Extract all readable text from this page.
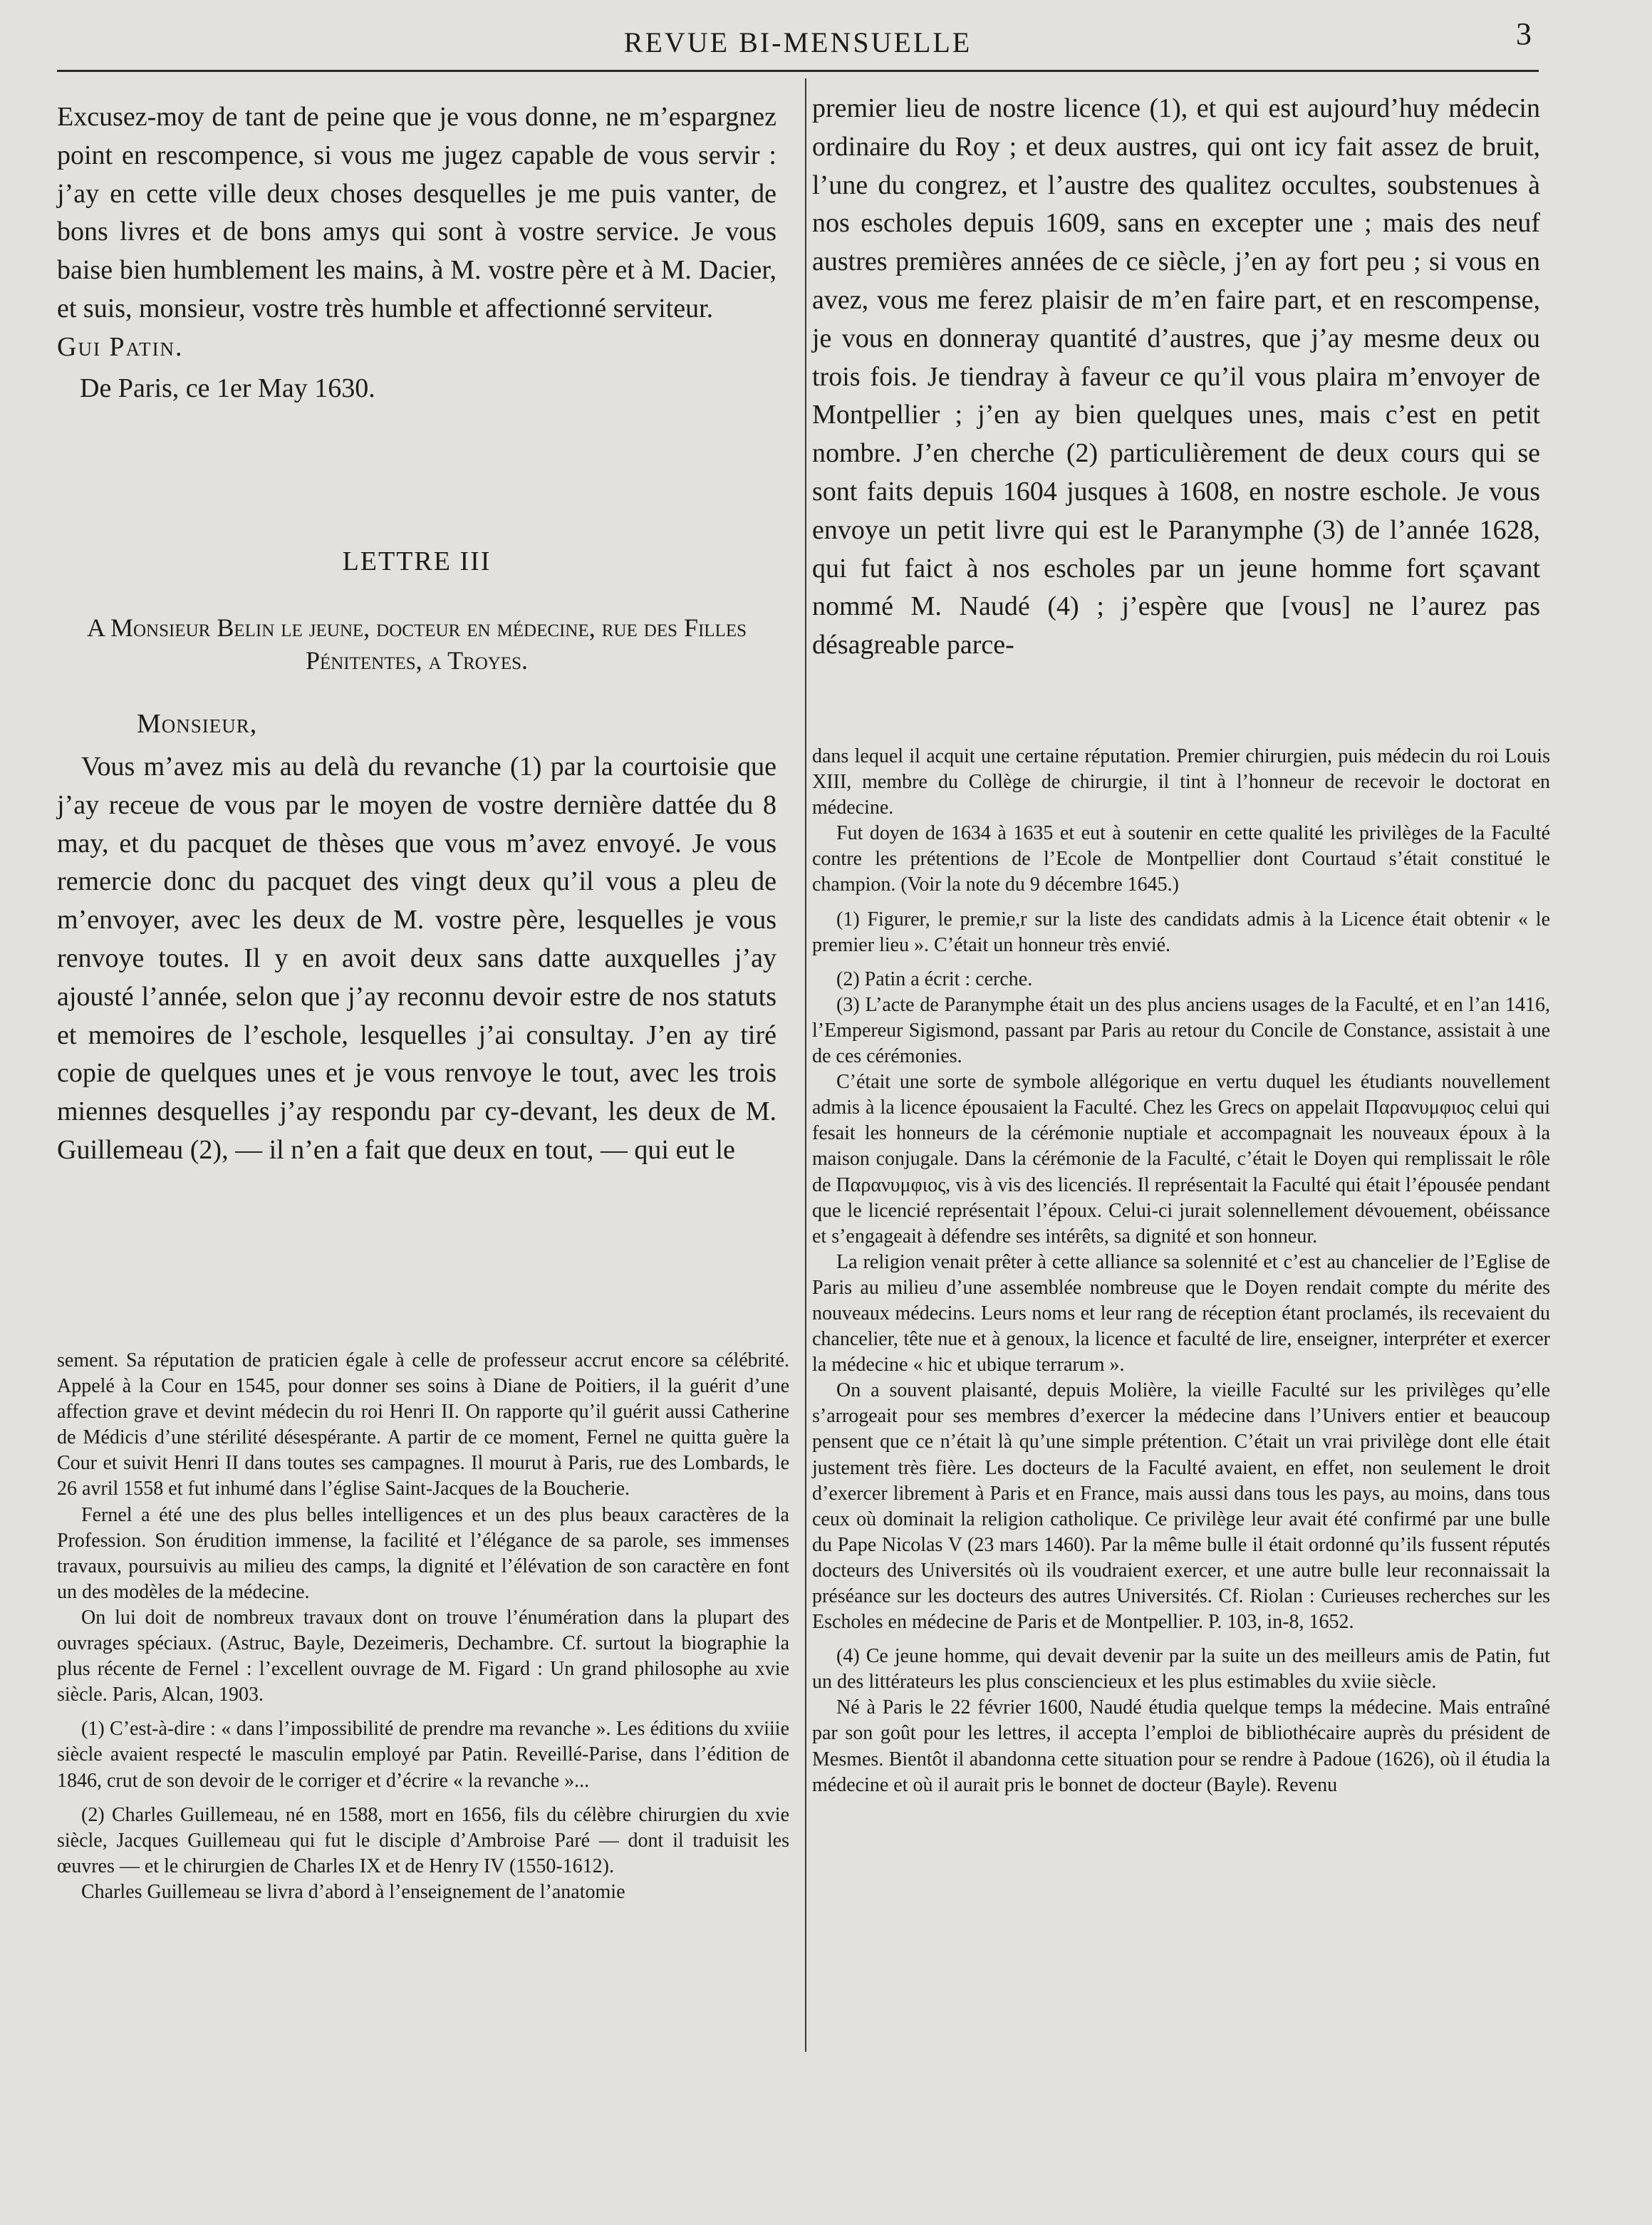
REVUE BI-MENSUELLE	3

Excusez-moy de tant de peine que je vous donne, ne m’espargnez point en rescompence, si vous me jugez capable de vous servir : j’ay en cette ville deux choses desquelles je me puis vanter, de bons livres et de bons amys qui sont à vostre service. Je vous baise bien humblement les mains, à M. vostre père et à M. Dacier, et suis, monsieur, vostre très humble et affectionné serviteur.

Gui Patin.

De Paris, ce 1er May 1630.

LETTRE III

A Monsieur Belin le jeune, docteur en médecine, rue des Filles Pénitentes, a Troyes.

Monsieur,

Vous m’avez mis au delà du revanche (1) par la courtoisie que j’ay receue de vous par le moyen de vostre dernière dattée du 8 may, et du pacquet de thèses que vous m’avez envoyé. Je vous remercie donc du pacquet des vingt deux qu’il vous a pleu de m’envoyer, avec les deux de M. vostre père, lesquelles je vous renvoye toutes. Il y en avoit deux sans datte auxquelles j’ay ajousté l’année, selon que j’ay reconnu devoir estre de nos statuts et memoires de l’eschole, lesquelles j’ai consultay. J’en ay tiré copie de quelques unes et je vous renvoye le tout, avec les trois miennes desquelles j’ay respondu par cy-devant, les deux de M. Guillemeau (2), — il n’en a fait que deux en tout, — qui eut le

sement. Sa réputation de praticien égale à celle de professeur accrut encore sa célébrité. Appelé à la Cour en 1545, pour donner ses soins à Diane de Poitiers, il la guérit d’une affection grave et devint médecin du roi Henri II. On rapporte qu’il guérit aussi Catherine de Médicis d’une stérilité désespérante. A partir de ce moment, Fernel ne quitta guère la Cour et suivit Henri II dans toutes ses campagnes. Il mourut à Paris, rue des Lombards, le 26 avril 1558 et fut inhumé dans l’église Saint-Jacques de la Boucherie.

Fernel a été une des plus belles intelligences et un des plus beaux caractères de la Profession. Son érudition immense, la facilité et l’élégance de sa parole, ses immenses travaux, poursuivis au milieu des camps, la dignité et l’élévation de son caractère en font un des modèles de la médecine.

On lui doit de nombreux travaux dont on trouve l’énumération dans la plupart des ouvrages spéciaux. (Astruc, Bayle, Dezeimeris, Dechambre. Cf. surtout la biographie la plus récente de Fernel : l’excellent ouvrage de M. Figard : Un grand philosophe au xvie siècle. Paris, Alcan, 1903.

(1) C’est-à-dire : « dans l’impossibilité de prendre ma revanche ». Les éditions du xviiie siècle avaient respecté le masculin employé par Patin. Reveillé-Parise, dans l’édition de 1846, crut de son devoir de le corriger et d’écrire « la revanche »...

(2) Charles Guillemeau, né en 1588, mort en 1656, fils du célèbre chirurgien du xvie siècle, Jacques Guillemeau qui fut le disciple d’Ambroise Paré — dont il traduisit les œuvres — et le chirurgien de Charles IX et de Henry IV (1550-1612).

Charles Guillemeau se livra d’abord à l’enseignement de l’anatomie

premier lieu de nostre licence (1), et qui est aujourd’huy médecin ordinaire du Roy ; et deux austres, qui ont icy fait assez de bruit, l’une du congrez, et l’austre des qualitez occultes, soubstenues à nos escholes depuis 1609, sans en excepter une ; mais des neuf austres premières années de ce siècle, j’en ay fort peu ; si vous en avez, vous me ferez plaisir de m’en faire part, et en rescompense, je vous en donneray quantité d’austres, que j’ay mesme deux ou trois fois. Je tiendray à faveur ce qu’il vous plaira m’envoyer de Montpellier ; j’en ay bien quelques unes, mais c’est en petit nombre. J’en cherche (2) particulièrement de deux cours qui se sont faits depuis 1604 jusques à 1608, en nostre eschole. Je vous envoye un petit livre qui est le Paranymphe (3) de l’année 1628, qui fut faict à nos escholes par un jeune homme fort sçavant nommé M. Naudé (4) ; j’espère que [vous] ne l’aurez pas désagreable parce-

dans lequel il acquit une certaine réputation. Premier chirurgien, puis médecin du roi Louis XIII, membre du Collège de chirurgie, il tint à l’honneur de recevoir le doctorat en médecine.

Fut doyen de 1634 à 1635 et eut à soutenir en cette qualité les privilèges de la Faculté contre les prétentions de l’Ecole de Montpellier dont Courtaud s’était constitué le champion. (Voir la note du 9 décembre 1645.)

(1) Figurer, le premie,r sur la liste des candidats admis à la Licence était obtenir « le premier lieu ». C’était un honneur très envié.

(2) Patin a écrit : cerche.

(3) L’acte de Paranymphe était un des plus anciens usages de la Faculté, et en l’an 1416, l’Empereur Sigismond, passant par Paris au retour du Concile de Constance, assistait à une de ces cérémonies.

C’était une sorte de symbole allégorique en vertu duquel les étudiants nouvellement admis à la licence épousaient la Faculté. Chez les Grecs on appelait Παρανυμφιος celui qui fesait les honneurs de la cérémonie nuptiale et accompagnait les nouveaux époux à la maison conjugale. Dans la cérémonie de la Faculté, c’était le Doyen qui remplissait le rôle de Παρανυμφιος, vis à vis des licenciés. Il représentait la Faculté qui était l’épousée pendant que le licencié représentait l’époux. Celui-ci jurait solennellement dévouement, obéissance et s’engageait à défendre ses intérêts, sa dignité et son honneur.

La religion venait prêter à cette alliance sa solennité et c’est au chancelier de l’Eglise de Paris au milieu d’une assemblée nombreuse que le Doyen rendait compte du mérite des nouveaux médecins. Leurs noms et leur rang de réception étant proclamés, ils recevaient du chancelier, tête nue et à genoux, la licence et faculté de lire, enseigner, interpréter et exercer la médecine « hic et ubique terrarum ».

On a souvent plaisanté, depuis Molière, la vieille Faculté sur les privilèges qu’elle s’arrogeait pour ses membres d’exercer la médecine dans l’Univers entier et beaucoup pensent que ce n’était là qu’une simple prétention. C’était un vrai privilège dont elle était justement très fière. Les docteurs de la Faculté avaient, en effet, non seulement le droit d’exercer librement à Paris et en France, mais aussi dans tous les pays, au moins, dans tous ceux où dominait la religion catholique. Ce privilège leur avait été confirmé par une bulle du Pape Nicolas V (23 mars 1460). Par la même bulle il était ordonné qu’ils fussent réputés docteurs des Universités où ils voudraient exercer, et une autre bulle leur reconnaissait la préséance sur les docteurs des autres Universités. Cf. Riolan : Curieuses recherches sur les Escholes en médecine de Paris et de Montpellier. P. 103, in-8, 1652.

(4) Ce jeune homme, qui devait devenir par la suite un des meilleurs amis de Patin, fut un des littérateurs les plus consciencieux et les plus estimables du xviie siècle.

Né à Paris le 22 février 1600, Naudé étudia quelque temps la médecine. Mais entraîné par son goût pour les lettres, il accepta l’emploi de bibliothécaire auprès du président de Mesmes. Bientôt il abandonna cette situation pour se rendre à Padoue (1626), où il étudia la médecine et où il aurait pris le bonnet de docteur (Bayle). Revenu
